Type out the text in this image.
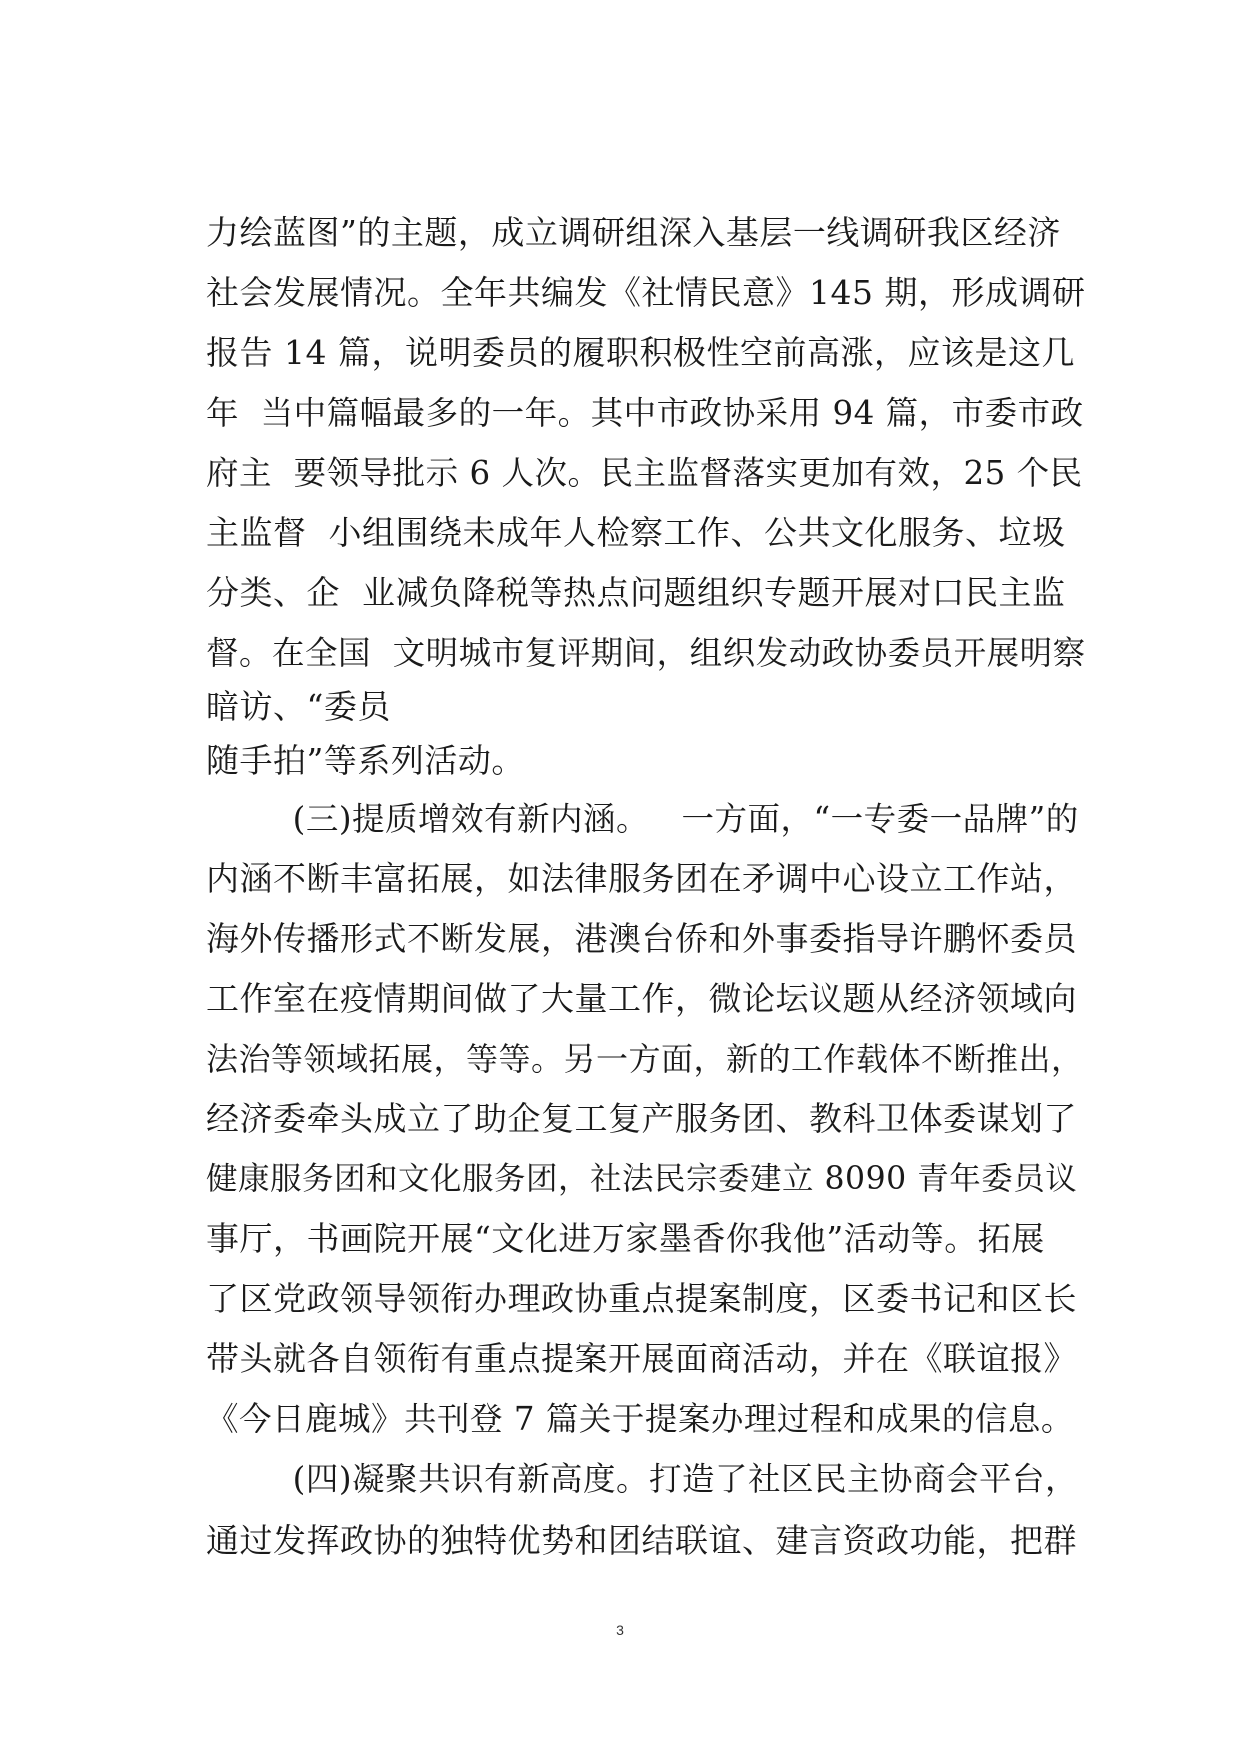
力绘蓝图”的主题，成立调研组深入基层一线调研我区经济
社会发展情况。全年共编发《社情民意》145 期，形成调研
报告 14 篇，说明委员的履职积极性空前高涨，应该是这几
年  当中篇幅最多的一年。其中市政协采用 94 篇，市委市政
府主  要领导批示 6 人次。民主监督落实更加有效，25 个民
主监督  小组围绕未成年人检察工作、公共文化服务、垃圾
分类、企  业减负降税等热点问题组织专题开展对口民主监
督。在全国  文明城市复评期间，组织发动政协委员开展明察
暗访、“委员
随手拍”等系列活动。
(三)提质增效有新内涵。   一方面，“一专委一品牌”的
内涵不断丰富拓展，如法律服务团在矛调中心设立工作站，
海外传播形式不断发展，港澳台侨和外事委指导许鹏怀委员
工作室在疫情期间做了大量工作，微论坛议题从经济领域向
法治等领域拓展，等等。另一方面，新的工作载体不断推出，
经济委牵头成立了助企复工复产服务团、教科卫体委谋划了
健康服务团和文化服务团，社法民宗委建立 8090 青年委员议
事厅，书画院开展“文化进万家墨香你我他”活动等。拓展
了区党政领导领衔办理政协重点提案制度，区委书记和区长
带头就各自领衔有重点提案开展面商活动，并在《联谊报》
《今日鹿城》共刊登 7 篇关于提案办理过程和成果的信息。
(四)凝聚共识有新高度。打造了社区民主协商会平台，
通过发挥政协的独特优势和团结联谊、建言资政功能，把群
3
